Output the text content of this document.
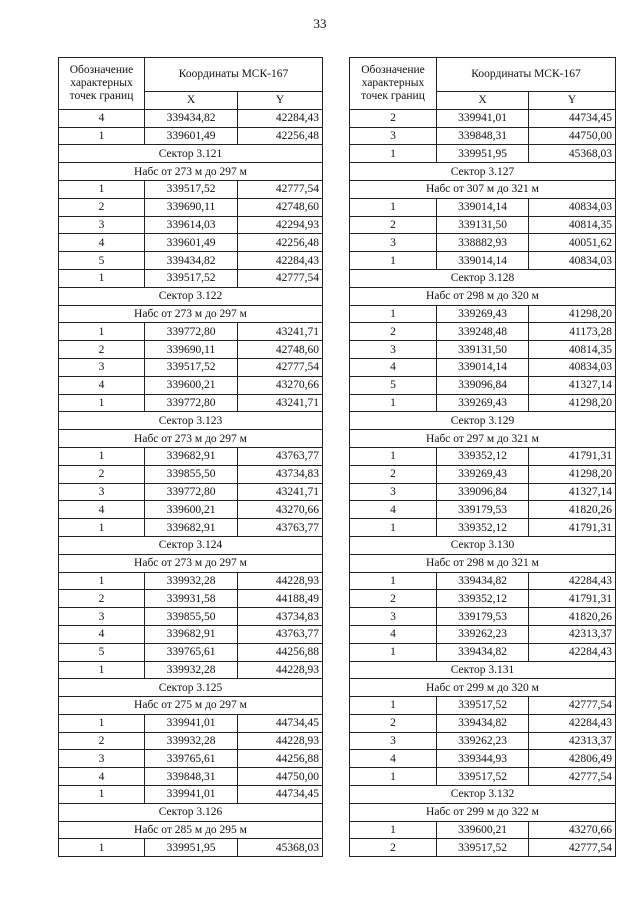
33
Обозначение характерных точек границ	Координаты МСК-167	
	X	Y
4	339434,82	42284,43
1	339601,49	42256,48
Сектор 3.121		
Набс от 273 м до 297 м		
1	339517,52	42777,54
2	339690,11	42748,60
3	339614,03	42294,93
4	339601,49	42256,48
5	339434,82	42284,43
1	339517,52	42777,54
Сектор 3.122		
Набс от 273 м до 297 м		
1	339772,80	43241,71
2	339690,11	42748,60
3	339517,52	42777,54
4	339600,21	43270,66
1	339772,80	43241,71
Сектор 3.123		
Набс от 273 м до 297 м		
1	339682,91	43763,77
2	339855,50	43734,83
3	339772,80	43241,71
4	339600,21	43270,66
1	339682,91	43763,77
Сектор 3.124		
Набс от 273 м до 297 м		
1	339932,28	44228,93
2	339931,58	44188,49
3	339855,50	43734,83
4	339682,91	43763,77
5	339765,61	44256,88
1	339932,28	44228,93
Сектор 3.125		
Набс от 275 м до 297 м		
1	339941,01	44734,45
2	339932,28	44228,93
3	339765,61	44256,88
4	339848,31	44750,00
1	339941,01	44734,45
Сектор 3.126		
Набс от 285 м до 295 м		
1	339951,95	45368,03
Обозначение характерных точек границ	Координаты МСК-167	
	X	Y
2	339941,01	44734,45
3	339848,31	44750,00
1	339951,95	45368,03
Сектор 3.127		
Набс от 307 м до 321 м		
1	339014,14	40834,03
2	339131,50	40814,35
3	338882,93	40051,62
1	339014,14	40834,03
Сектор 3.128		
Набс от 298 м до 320 м		
1	339269,43	41298,20
2	339248,48	41173,28
3	339131,50	40814,35
4	339014,14	40834,03
5	339096,84	41327,14
1	339269,43	41298,20
Сектор 3.129		
Набс от 297 м до 321 м		
1	339352,12	41791,31
2	339269,43	41298,20
3	339096,84	41327,14
4	339179,53	41820,26
1	339352,12	41791,31
Сектор 3.130		
Набс от 298 м до 321 м		
1	339434,82	42284,43
2	339352,12	41791,31
3	339179,53	41820,26
4	339262,23	42313,37
1	339434,82	42284,43
Сектор 3.131		
Набс от 299 м до 320 м		
1	339517,52	42777,54
2	339434,82	42284,43
3	339262,23	42313,37
4	339344,93	42806,49
1	339517,52	42777,54
Сектор 3.132		
Набс от 299 м до 322 м		
1	339600,21	43270,66
2	339517,52	42777,54
